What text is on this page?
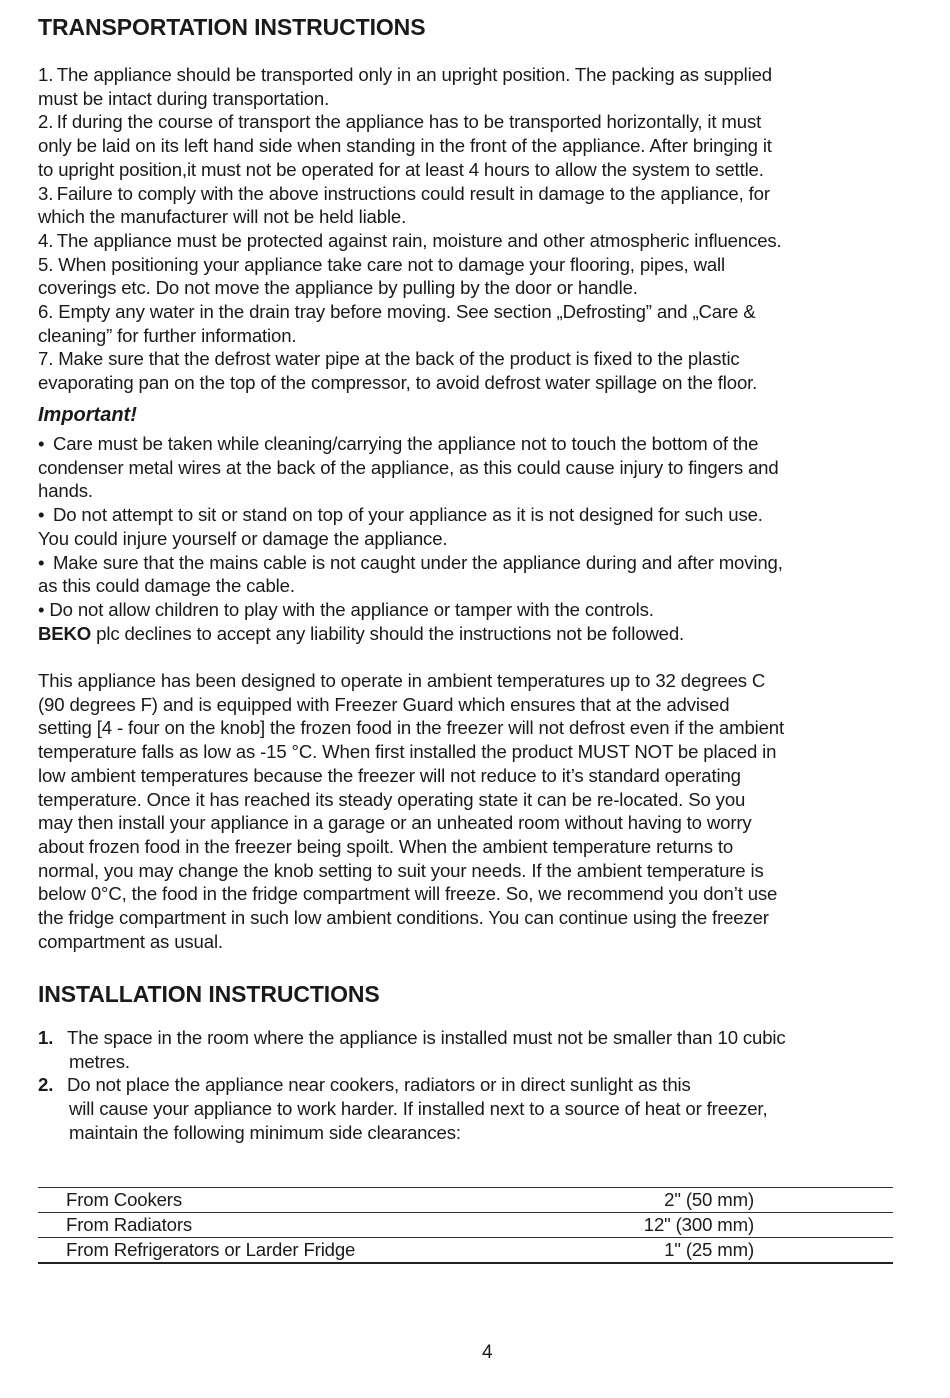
TRANSPORTATION INSTRUCTIONS
1. The appliance should be transported only in an upright position. The packing as supplied
must be intact during transportation.
2. If during the course of transport the appliance has to be transported horizontally, it must
only be laid on its left hand side when standing in the front of the appliance. After bringing it
to upright position,it must not be operated for at least 4 hours to allow the system to settle.
3. Failure to comply with the above instructions could result in damage to the appliance, for
which the manufacturer will not be held liable.
4. The appliance must be protected against rain, moisture and other atmospheric influences.
5. When positioning your appliance take care not to damage your flooring, pipes, wall
coverings etc. Do not move the appliance by pulling by the door or handle.
6. Empty any water in the drain tray before moving. See section „Defrosting” and „Care &
cleaning” for further information.
7. Make sure that the defrost water pipe at the back of the product is fixed to the plastic
evaporating pan on the top of the compressor, to avoid defrost water spillage on the floor.
Important!
•  Care must be taken while cleaning/carrying the appliance not to touch the bottom of the
condenser metal wires at the back of the appliance, as this could cause injury to fingers and
hands.
•  Do not attempt to sit or stand on top of your appliance as it is not designed for such use.
You could injure yourself or damage the appliance.
•  Make sure that the mains cable is not caught under the appliance during and after moving,
as this could damage the cable.
• Do not allow children to play with the appliance or tamper with the controls.
BEKO plc declines to accept any liability should the instructions not be followed.
This appliance has been designed to operate in ambient temperatures up to 32 degrees C
(90 degrees F) and is equipped with Freezer Guard which ensures that at the advised
setting [4 - four on the knob] the frozen food in the freezer will not defrost even if the ambient
temperature falls as low as -15 °C. When first installed the product MUST NOT be placed in
low ambient temperatures because the freezer will not reduce to it’s standard operating
temperature. Once it has reached its steady operating state it can be re-located. So you
may then install your appliance in a garage or an unheated room without having to worry
about frozen food in the freezer being spoilt. When the ambient temperature returns to
normal, you may change the knob setting to suit your needs. If the ambient temperature is
below 0°C, the food in the fridge compartment will freeze. So, we recommend you don’t use
the fridge compartment in such low ambient conditions. You can continue using the freezer
compartment as usual.
INSTALLATION INSTRUCTIONS
1. The space in the room where the appliance is installed must not be smaller than 10 cubic
metres.
2. Do not place the appliance near cookers, radiators or in direct sunlight as this
will cause your appliance to work harder. If installed next to a source of heat or freezer,
maintain the following minimum side clearances:
From Cookers	2" (50 mm)
From Radiators	12" (300 mm)
From Refrigerators or Larder Fridge	1" (25 mm)
4
